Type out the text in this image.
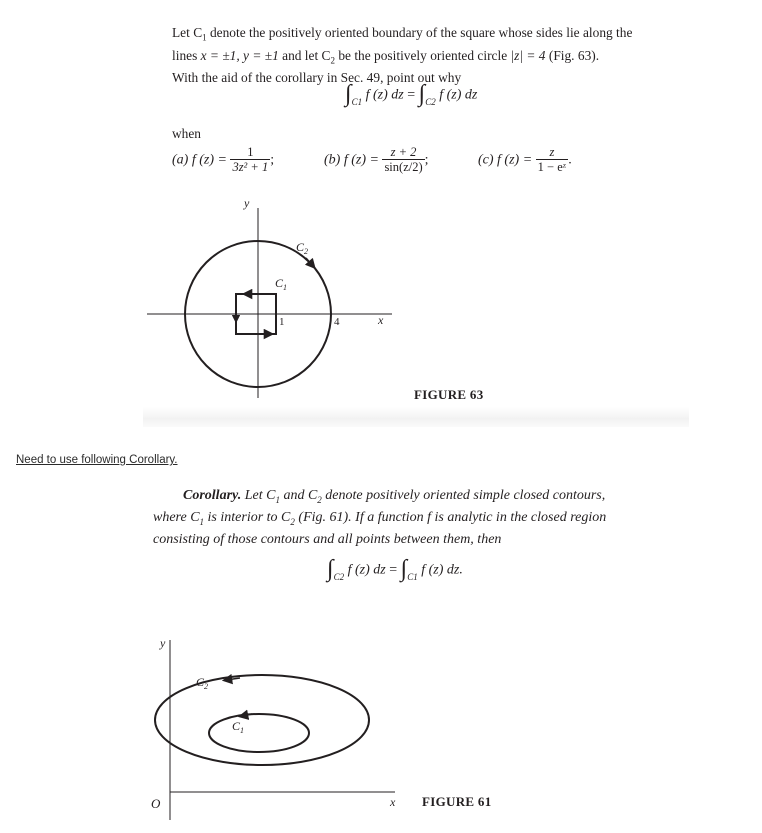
Let $C_1$ denote the positively oriented boundary of the square whose sides lie along the
lines x = ±1, y = ±1 and let $C_2$ be the positively oriented circle |z| = 4 (Fig. 63).
With the aid of the corollary in Sec. 49, point out why
$\int_{C1}$ f (z) dz = $\int_{C2}$ f (z) dz
when
(a) f $(z) = \frac{1}{\text{3z² + 1}}$ ;	(b) f $(z) = \frac{z + 2}{\sin(z/2)}$ ;	(c) f $(z) = \frac{z}{\text{1 − eᶻ}}$ .
y
x
1	4
$C_2$
$C_1$
FIGURE 63
Need to use following Corollary.
Corollary. Let $C_1$ and $C_2$ denote positively oriented simple closed contours,
where $C_1$ is interior to $C_2$ (Fig. 61). If a function f is analytic in the closed region
consisting of those contours and all points between them, then
$\int_{C2}$ f (z) dz = $\int_{C1}$ f (z) dz.
y
x
O
$C_2$
$C_1$
FIGURE 61
